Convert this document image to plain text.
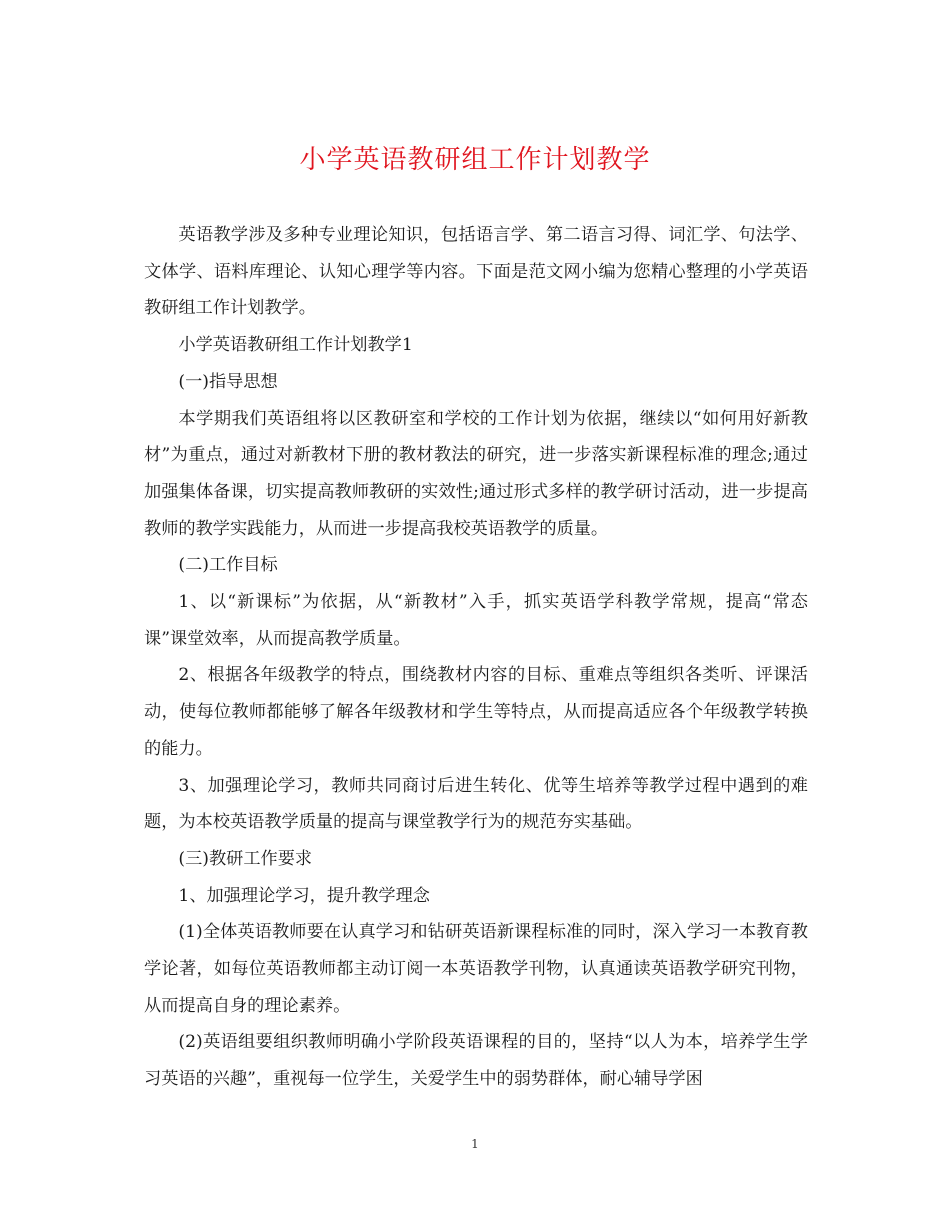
小学英语教研组工作计划教学

英语教学涉及多种专业理论知识，包括语言学、第二语言习得、词汇学、句法学、文体学、语料库理论、认知心理学等内容。下面是范文网小编为您精心整理的小学英语教研组工作计划教学。

小学英语教研组工作计划教学1

(一)指导思想

本学期我们英语组将以区教研室和学校的工作计划为依据，继续以“如何用好新教材”为重点，通过对新教材下册的教材教法的研究，进一步落实新课程标准的理念;通过加强集体备课，切实提高教师教研的实效性;通过形式多样的教学研讨活动，进一步提高教师的教学实践能力，从而进一步提高我校英语教学的质量。

(二)工作目标

1、以“新课标”为依据，从“新教材”入手，抓实英语学科教学常规，提高“常态课”课堂效率，从而提高教学质量。

2、根据各年级教学的特点，围绕教材内容的目标、重难点等组织各类听、评课活动，使每位教师都能够了解各年级教材和学生等特点，从而提高适应各个年级教学转换的能力。

3、加强理论学习，教师共同商讨后进生转化、优等生培养等教学过程中遇到的难题，为本校英语教学质量的提高与课堂教学行为的规范夯实基础。

(三)教研工作要求

1、加强理论学习，提升教学理念

(1)全体英语教师要在认真学习和钻研英语新课程标准的同时，深入学习一本教育教学论著，如每位英语教师都主动订阅一本英语教学刊物，认真通读英语教学研究刊物，从而提高自身的理论素养。

(2)英语组要组织教师明确小学阶段英语课程的目的，坚持“以人为本，培养学生学习英语的兴趣”，重视每一位学生，关爱学生中的弱势群体，耐心辅导学困

1
